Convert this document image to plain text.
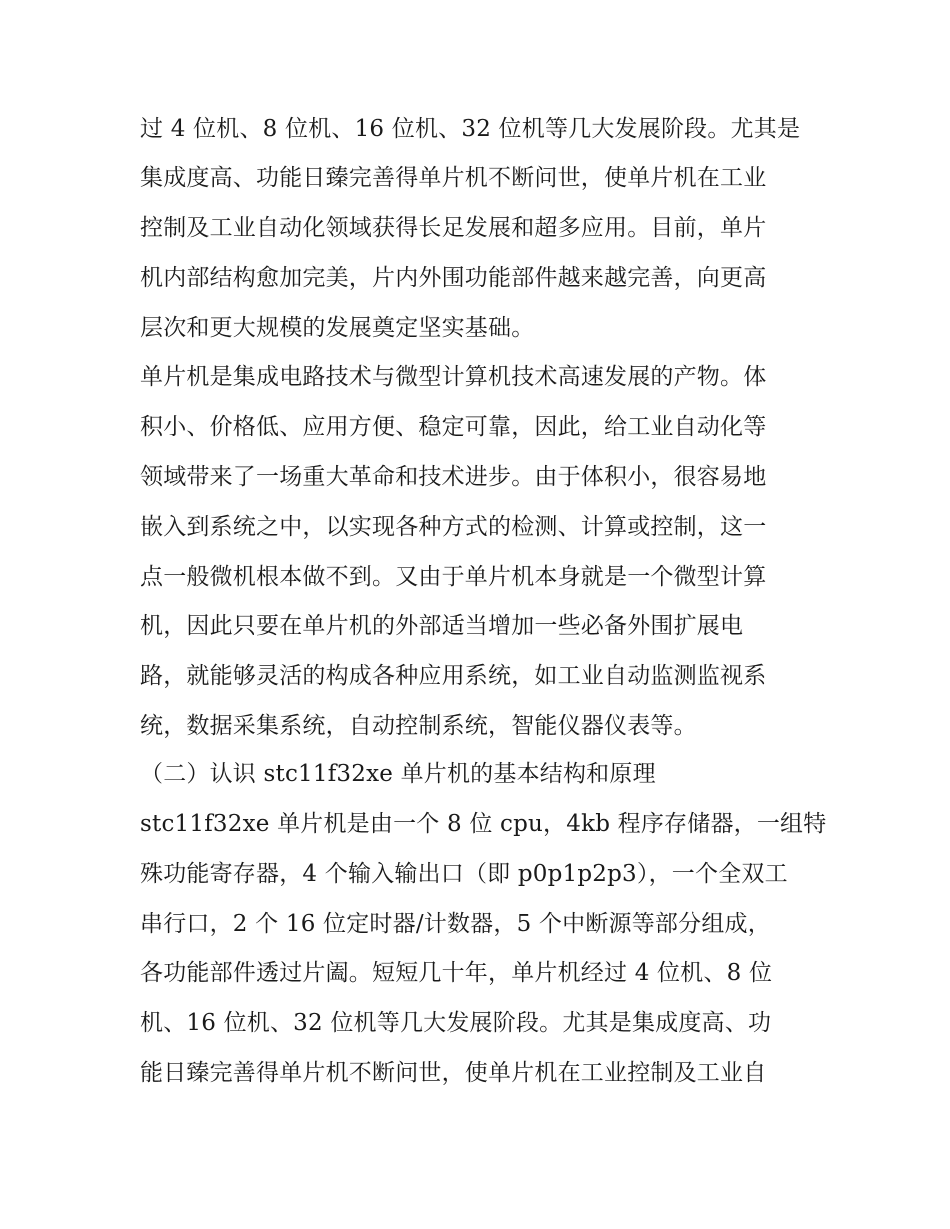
过 4 位机、8 位机、16 位机、32 位机等几大发展阶段。尤其是
集成度高、功能日臻完善得单片机不断问世，使单片机在工业
控制及工业自动化领域获得长足发展和超多应用。目前，单片
机内部结构愈加完美，片内外围功能部件越来越完善，向更高
层次和更大规模的发展奠定坚实基础。
单片机是集成电路技术与微型计算机技术高速发展的产物。体
积小、价格低、应用方便、稳定可靠，因此，给工业自动化等
领域带来了一场重大革命和技术进步。由于体积小，很容易地
嵌入到系统之中，以实现各种方式的检测、计算或控制，这一
点一般微机根本做不到。又由于单片机本身就是一个微型计算
机，因此只要在单片机的外部适当增加一些必备外围扩展电
路，就能够灵活的构成各种应用系统，如工业自动监测监视系
统，数据采集系统，自动控制系统，智能仪器仪表等。
（二）认识 stc11f32xe 单片机的基本结构和原理
stc11f32xe 单片机是由一个 8 位 cpu，4kb 程序存储器，一组特
殊功能寄存器，4 个输入输出口（即 p0p1p2p3），一个全双工
串行口，2 个 16 位定时器/计数器，5 个中断源等部分组成，
各功能部件透过片阖。短短几十年，单片机经过 4 位机、8 位
机、16 位机、32 位机等几大发展阶段。尤其是集成度高、功
能日臻完善得单片机不断问世，使单片机在工业控制及工业自
